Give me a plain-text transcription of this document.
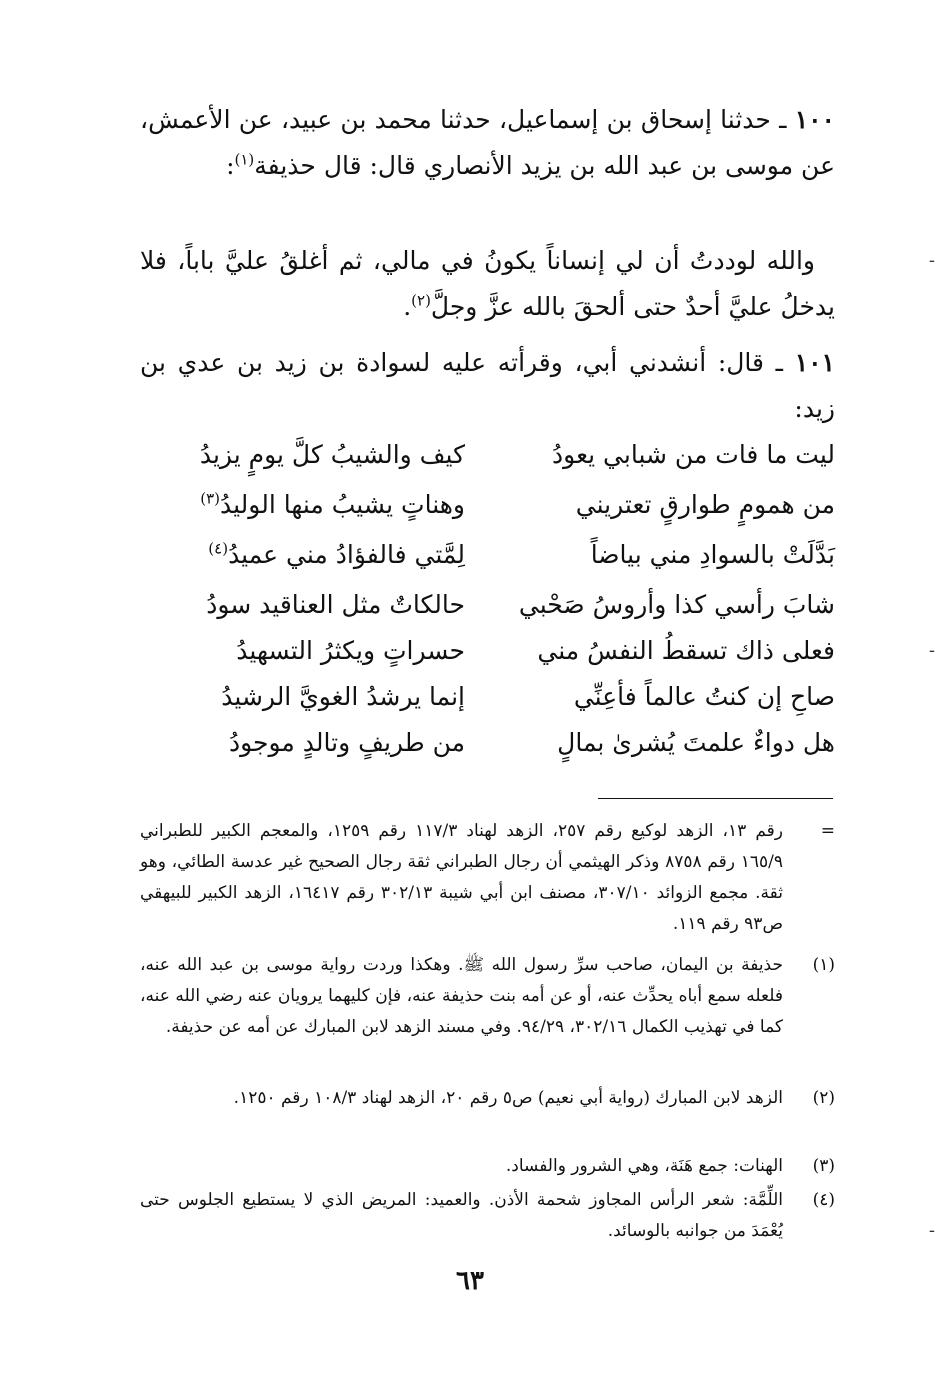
١٠٠ ـ حدثنا إسحاق بن إسماعيل، حدثنا محمد بن عبيد، عن الأعمش، عن موسى بن عبد الله بن يزيد الأنصاري قال: قال حذيفة$^{(١)}$:
والله لوددتُ أن لي إنساناً يكونُ في مالي، ثم أغلقُ عليَّ باباً، فلا يدخلُ عليَّ أحدٌ حتى ألحقَ بالله عزَّ وجلَّ$^{(٢)}$.
١٠١ ـ قال: أنشدني أبي، وقرأته عليه لسوادة بن زيد بن عدي بن زيد:
ليت ما فات من شبابي يعودُ
كيف والشيبُ كلَّ يومٍ يزيدُ
من همومٍ طوارقٍ تعتريني
وهناتٍ يشيبُ منها الوليدُ$^{(٣)}$
بَدَّلَتْ بالسوادِ مني بياضاً
لِمَّتي فالفؤادُ مني عميدُ$^{(٤)}$
شابَ رأسي كذا وأروسُ صَحْبي
حالكاتٌ مثل العناقيد سودُ
فعلى ذاك تسقطُ النفسُ مني
حسراتٍ ويكثرُ التسهيدُ
صاحِ إن كنتُ عالماً فأعِنِّي
إنما يرشدُ الغويَّ الرشيدُ
هل دواءٌ علمتَ يُشرىٰ بمالٍ
من طريفٍ وتالدٍ موجودُ
=
رقم ١٣، الزهد لوكيع رقم ٢٥٧، الزهد لهناد ١١٧/٣ رقم ١٢٥٩، والمعجم الكبير للطبراني ١٦٥/٩ رقم ٨٧٥٨ وذكر الهيثمي أن رجال الطبراني ثقة رجال الصحيح غير عدسة الطائي، وهو ثقة. مجمع الزوائد ٣٠٧/١٠، مصنف ابن أبي شيبة ٣٠٢/١٣ رقم ١٦٤١٧، الزهد الكبير للبيهقي ص٩٣ رقم ١١٩.
(١)
حذيفة بن اليمان، صاحب سرِّ رسول الله ﷺ. وهكذا وردت رواية موسى بن عبد الله عنه، فلعله سمع أباه يحدِّث عنه، أو عن أمه بنت حذيفة عنه، فإن كليهما يرويان عنه رضي الله عنه، كما في تهذيب الكمال ٣٠٢/١٦، ٩٤/٢٩. وفي مسند الزهد لابن المبارك عن أمه عن حذيفة.
(٢)
الزهد لابن المبارك (رواية أبي نعيم) ص٥ رقم ٢٠، الزهد لهناد ١٠٨/٣ رقم ١٢٥٠.
(٣)
الهنات: جمع هَنَة، وهي الشرور والفساد.
(٤)
اللِّمَّة: شعر الرأس المجاوز شحمة الأذن. والعميد: المريض الذي لا يستطيع الجلوس حتى يُعْمَدَ من جوانبه بالوسائد.
٦٣
-
-
-
